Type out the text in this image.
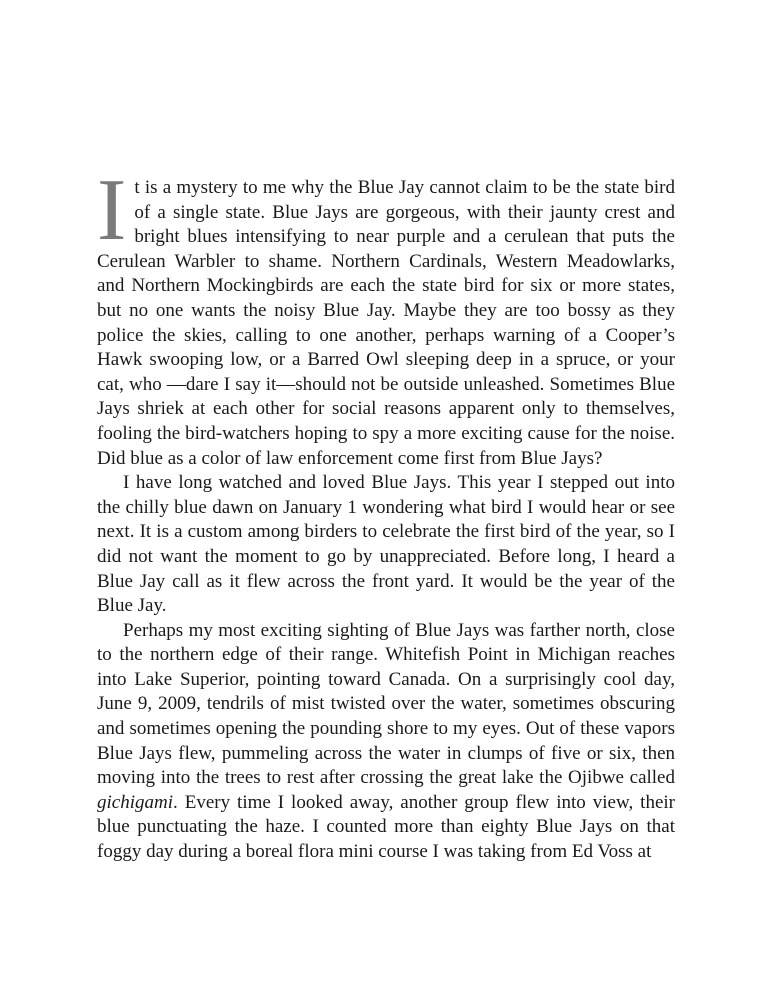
It is a mystery to me why the Blue Jay cannot claim to be the state bird of a single state. Blue Jays are gorgeous, with their jaunty crest and bright blues intensifying to near purple and a cerulean that puts the Cerulean Warbler to shame. Northern Cardinals, Western Meadowlarks, and Northern Mockingbirds are each the state bird for six or more states, but no one wants the noisy Blue Jay. Maybe they are too bossy as they police the skies, calling to one another, perhaps warning of a Cooper’s Hawk swooping low, or a Barred Owl sleeping deep in a spruce, or your cat, who —dare I say it—should not be outside unleashed. Sometimes Blue Jays shriek at each other for social reasons apparent only to themselves, fooling the bird-watchers hoping to spy a more exciting cause for the noise. Did blue as a color of law enforcement come first from Blue Jays?

I have long watched and loved Blue Jays. This year I stepped out into the chilly blue dawn on January 1 wondering what bird I would hear or see next. It is a custom among birders to celebrate the first bird of the year, so I did not want the moment to go by unappreciated. Before long, I heard a Blue Jay call as it flew across the front yard. It would be the year of the Blue Jay.

Perhaps my most exciting sighting of Blue Jays was farther north, close to the northern edge of their range. Whitefish Point in Michigan reaches into Lake Superior, pointing toward Canada. On a surprisingly cool day, June 9, 2009, tendrils of mist twisted over the water, sometimes obscuring and sometimes opening the pounding shore to my eyes. Out of these vapors Blue Jays flew, pummeling across the water in clumps of five or six, then moving into the trees to rest after crossing the great lake the Ojibwe called gichigami. Every time I looked away, another group flew into view, their blue punctuating the haze. I counted more than eighty Blue Jays on that foggy day during a boreal flora mini course I was taking from Ed Voss at
